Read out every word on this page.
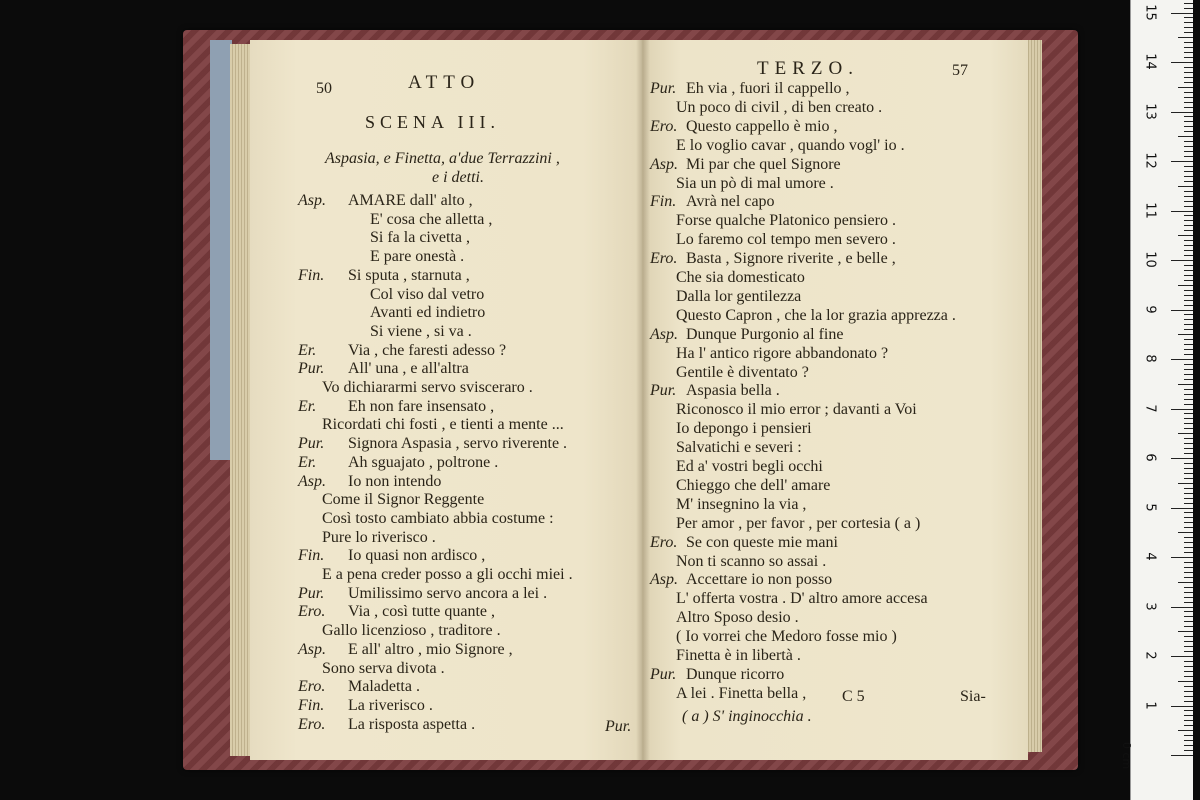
50	ATTO
SCENA III.
Aspasia, e Finetta, a'due Terrazzini ,
e i detti.
Asp. AMARE dall' alto ,
E' cosa che alletta ,
Si fa la civetta ,
E pare onestà .
Fin. Si sputa , starnuta ,
Col viso dal vetro
Avanti ed indietro
Si viene , si va .
Er. Via , che faresti adesso ?
Pur. All' una , e all'altra
Vo dichiararmi servo svisceraro .
Er. Eh non fare insensato ,
Ricordati chi fosti , e tienti a mente ...
Pur. Signora Aspasia , servo riverente .
Er. Ah sguajato , poltrone .
Asp. Io non intendo
Come il Signor Reggente
Così tosto cambiato abbia costume :
Pure lo riverisco .
Fin. Io quasi non ardisco ,
E a pena creder posso a gli occhi miei .
Pur. Umilissimo servo ancora a lei .
Ero. Via , così tutte quante ,
Gallo licenzioso , traditore .
Asp. E all' altro , mio Signore ,
Sono serva divota .
Ero. Maladetta .
Fin. La riverisco .
Ero. La risposta aspetta .	Pur.
TERZO.	57
Pur. Eh via , fuori il cappello ,
Un poco di civil , di ben creato .
Ero. Questo cappello è mio ,
E lo voglio cavar , quando vogl' io .
Asp. Mi par che quel Signore
Sia un pò di mal umore .
Fin. Avrà nel capo
Forse qualche Platonico pensiero .
Lo faremo col tempo men severo .
Ero. Basta , Signore riverite , e belle ,
Che sia domesticato
Dalla lor gentilezza
Questo Capron , che la lor grazia apprezza .
Asp. Dunque Purgonio al fine
Ha l' antico rigore abbandonato ?
Gentile è diventato ?
Pur. Aspasia bella .
Riconosco il mio error ; davanti a Voi
Io depongo i pensieri
Salvatichi e severi :
Ed a' vostri begli occhi
Chieggo che dell' amare
M' insegnino la via ,
Per amor , per favor , per cortesia ( a )
Ero. Se con queste mie mani
Non ti scanno so assai .
Asp. Accettare io non posso
L' offerta vostra . D' altro amore accesa
Altro Sposo desio .
( Io vorrei che Medoro fosse mio )
Finetta è in libertà .
Pur. Dunque ricorro
A lei . Finetta bella , C 5	Sia-
( a ) S' inginocchia .
1
2
3
4
5
6
7
8
9
10
11
12
13
14
15
0 cm
